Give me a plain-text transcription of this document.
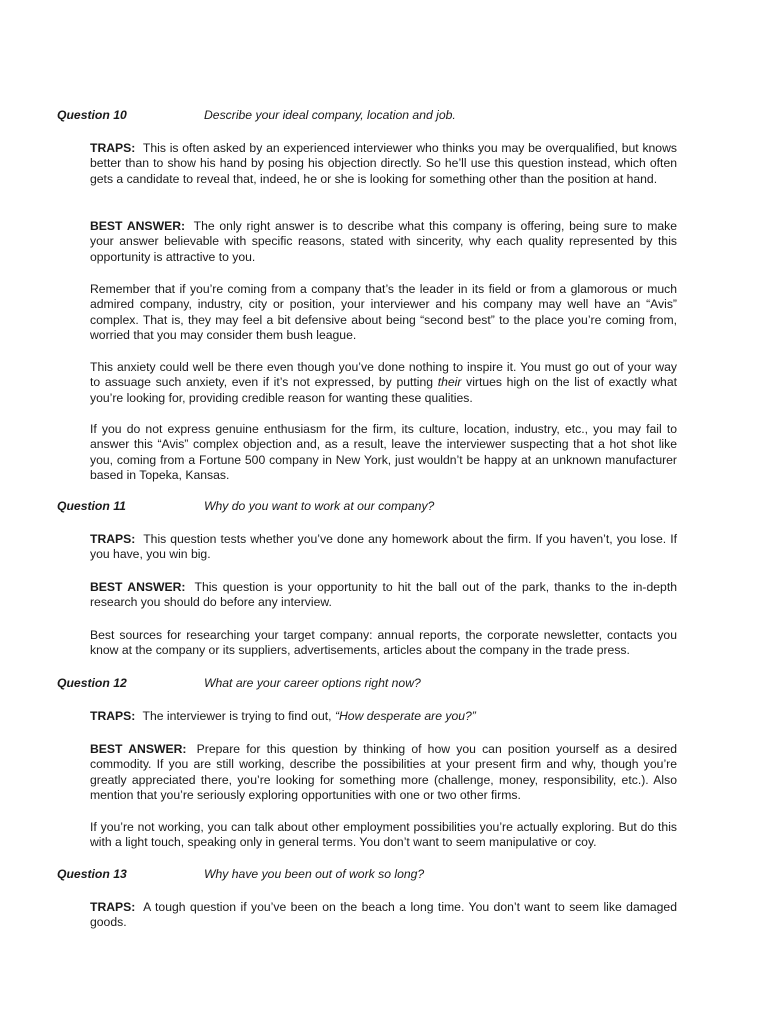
Question 10	Describe your ideal company, location and job.

TRAPS: This is often asked by an experienced interviewer who thinks you may be overqualified, but knows better than to show his hand by posing his objection directly. So he’ll use this question instead, which often gets a candidate to reveal that, indeed, he or she is looking for something other than the position at hand.

BEST ANSWER: The only right answer is to describe what this company is offering, being sure to make your answer believable with specific reasons, stated with sincerity, why each quality represented by this opportunity is attractive to you.

Remember that if you’re coming from a company that’s the leader in its field or from a glamorous or much admired company, industry, city or position, your interviewer and his company may well have an “Avis” complex. That is, they may feel a bit defensive about being “second best” to the place you’re coming from, worried that you may consider them bush league.

This anxiety could well be there even though you’ve done nothing to inspire it. You must go out of your way to assuage such anxiety, even if it’s not expressed, by putting their virtues high on the list of exactly what you’re looking for, providing credible reason for wanting these qualities.

If you do not express genuine enthusiasm for the firm, its culture, location, industry, etc., you may fail to answer this “Avis” complex objection and, as a result, leave the interviewer suspecting that a hot shot like you, coming from a Fortune 500 company in New York, just wouldn’t be happy at an unknown manufacturer based in Topeka, Kansas.

Question 11	Why do you want to work at our company?

TRAPS: This question tests whether you’ve done any homework about the firm. If you haven’t, you lose. If you have, you win big.

BEST ANSWER: This question is your opportunity to hit the ball out of the park, thanks to the in-depth research you should do before any interview.

Best sources for researching your target company: annual reports, the corporate newsletter, contacts you know at the company or its suppliers, advertisements, articles about the company in the trade press.

Question 12	What are your career options right now?

TRAPS: The interviewer is trying to find out, “How desperate are you?”

BEST ANSWER: Prepare for this question by thinking of how you can position yourself as a desired commodity. If you are still working, describe the possibilities at your present firm and why, though you’re greatly appreciated there, you’re looking for something more (challenge, money, responsibility, etc.). Also mention that you’re seriously exploring opportunities with one or two other firms.

If you’re not working, you can talk about other employment possibilities you’re actually exploring. But do this with a light touch, speaking only in general terms. You don’t want to seem manipulative or coy.

Question 13	Why have you been out of work so long?

TRAPS: A tough question if you’ve been on the beach a long time. You don’t want to seem like damaged goods.
